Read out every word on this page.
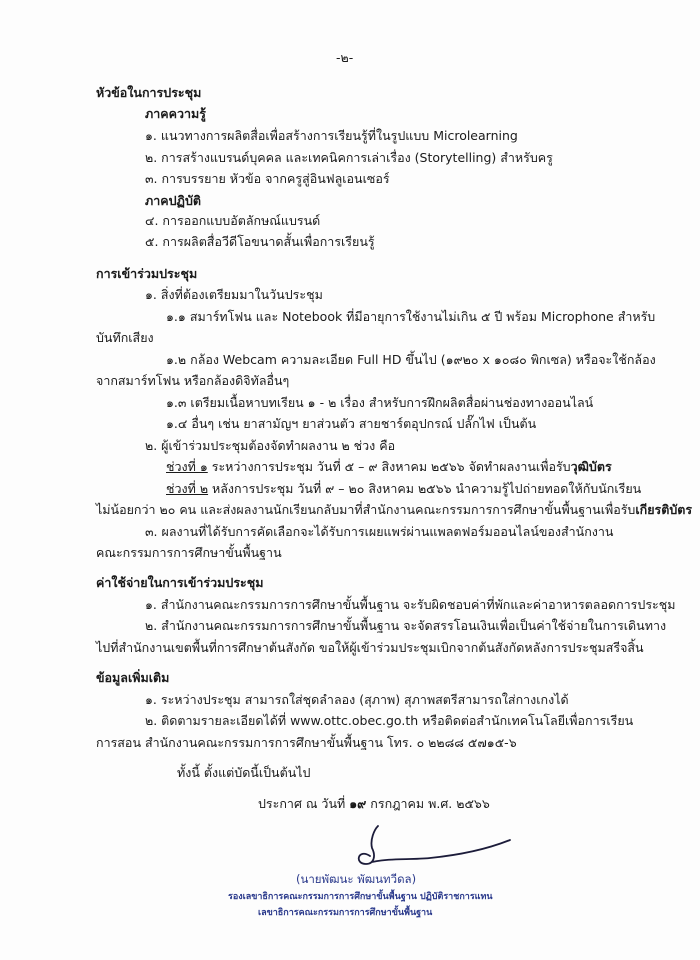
-๒-
หัวข้อในการประชุม
ภาคความรู้
๑. แนวทางการผลิตสื่อเพื่อสร้างการเรียนรู้ที่ในรูปแบบ Microlearning
๒. การสร้างแบรนด์บุคคล และเทคนิคการเล่าเรื่อง (Storytelling) สำหรับครู
๓. การบรรยาย หัวข้อ จากครูสู่อินฟลูเอนเซอร์
ภาคปฏิบัติ
๔. การออกแบบอัตลักษณ์แบรนด์
๕. การผลิตสื่อวีดีโอขนาดสั้นเพื่อการเรียนรู้
การเข้าร่วมประชุม
๑. สิ่งที่ต้องเตรียมมาในวันประชุม
๑.๑ สมาร์ทโฟน และ Notebook ที่มีอายุการใช้งานไม่เกิน ๕ ปี พร้อม Microphone สำหรับ
บันทึกเสียง
๑.๒ กล้อง Webcam ความละเอียด Full HD ขึ้นไป (๑๙๒๐ x ๑๐๘๐ พิกเซล) หรือจะใช้กล้อง
จากสมาร์ทโฟน หรือกล้องดิจิทัลอื่นๆ
๑.๓ เตรียมเนื้อหาบทเรียน ๑ - ๒ เรื่อง สำหรับการฝึกผลิตสื่อผ่านช่องทางออนไลน์
๑.๔ อื่นๆ เช่น ยาสามัญฯ ยาส่วนตัว สายชาร์ตอุปกรณ์ ปลั๊กไฟ เป็นต้น
๒. ผู้เข้าร่วมประชุมต้องจัดทำผลงาน ๒ ช่วง คือ
ช่วงที่ ๑ ระหว่างการประชุม วันที่ ๕ – ๙ สิงหาคม ๒๕๖๖ จัดทำผลงานเพื่อรับวุฒิบัตร
ช่วงที่ ๒ หลังการประชุม วันที่ ๙ – ๒๐ สิงหาคม ๒๕๖๖ นำความรู้ไปถ่ายทอดให้กับนักเรียน
ไม่น้อยกว่า ๒๐ คน และส่งผลงานนักเรียนกลับมาที่สำนักงานคณะกรรมการการศึกษาขั้นพื้นฐานเพื่อรับเกียรติบัตร
๓. ผลงานที่ได้รับการคัดเลือกจะได้รับการเผยแพร่ผ่านแพลตฟอร์มออนไลน์ของสำนักงาน
คณะกรรมการการศึกษาขั้นพื้นฐาน
ค่าใช้จ่ายในการเข้าร่วมประชุม
๑. สำนักงานคณะกรรมการการศึกษาขั้นพื้นฐาน จะรับผิดชอบค่าที่พักและค่าอาหารตลอดการประชุม
๒. สำนักงานคณะกรรมการการศึกษาขั้นพื้นฐาน จะจัดสรรโอนเงินเพื่อเป็นค่าใช้จ่ายในการเดินทาง
ไปที่สำนักงานเขตพื้นที่การศึกษาต้นสังกัด ขอให้ผู้เข้าร่วมประชุมเบิกจากต้นสังกัดหลังการประชุมสรีจสิ้น
ข้อมูลเพิ่มเติม
๑. ระหว่างประชุม สามารถใส่ชุดลำลอง (สุภาพ) สุภาพสตรีสามารถใส่กางเกงได้
๒. ติดตามรายละเอียดได้ที่ www.ottc.obec.go.th หรือติดต่อสำนักเทคโนโลยีเพื่อการเรียน
การสอน สำนักงานคณะกรรมการการศึกษาขั้นพื้นฐาน โทร. ๐ ๒๒๘๘ ๕๗๑๕-๖
ทั้งนี้ ตั้งแต่บัดนี้เป็นต้นไป
ประกาศ ณ วันที่ ๑๙ กรกฎาคม พ.ศ. ๒๕๖๖
(นายพัฒนะ พัฒนทวีดล)
รองเลขาธิการคณะกรรมการการศึกษาขั้นพื้นฐาน ปฏิบัติราชการแทน
เลขาธิการคณะกรรมการการศึกษาขั้นพื้นฐาน
